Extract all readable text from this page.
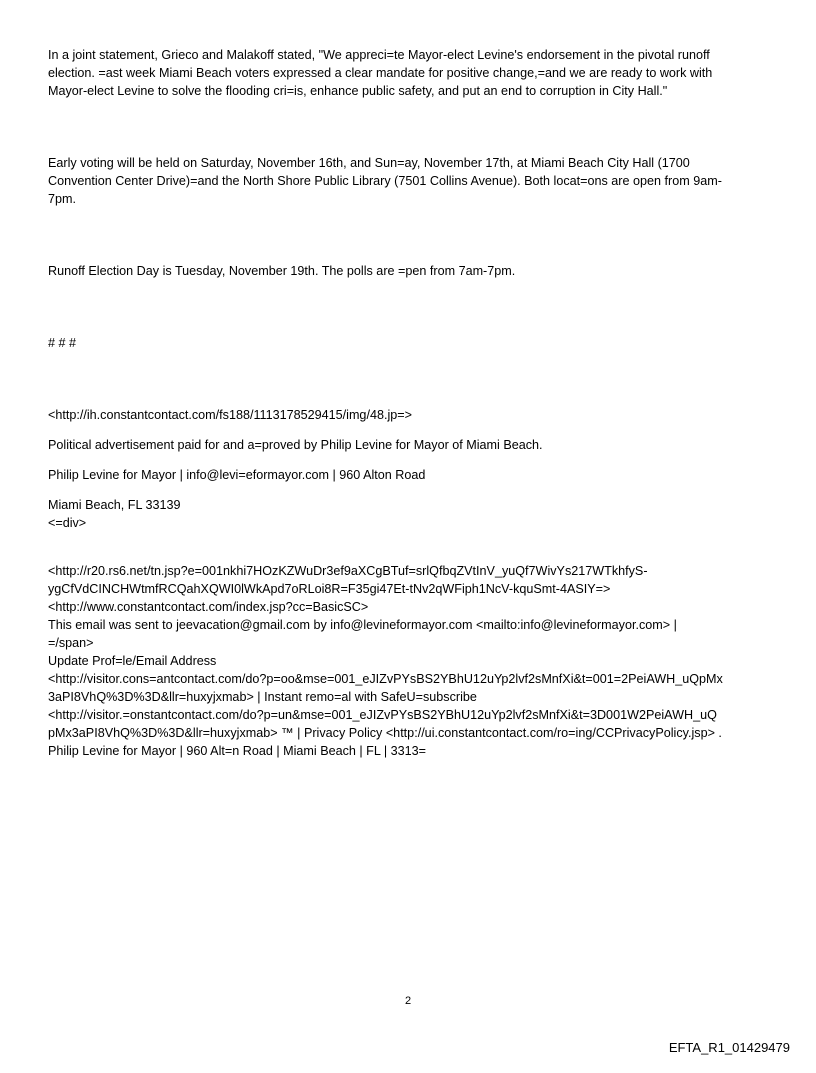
In a joint statement, Grieco and Malakoff stated, "We appreci=te Mayor-elect Levine's endorsement in the pivotal runoff
election. =ast week Miami Beach voters expressed a clear mandate for positive change,=and we are ready to work with
Mayor-elect Levine to solve the flooding cri=is, enhance public safety, and put an end to corruption in City Hall."
Early voting will be held on Saturday, November 16th, and Sun=ay, November 17th, at Miami Beach City Hall (1700
Convention Center Drive)=and the North Shore Public Library (7501 Collins Avenue). Both locat=ons are open from 9am-
7pm.
Runoff Election Day is Tuesday, November 19th. The polls are =pen from 7am-7pm.
# # #
<http://ih.constantcontact.com/fs188/1113178529415/img/48.jp=>
Political advertisement paid for and a=proved by Philip Levine for Mayor of Miami Beach.
Philip Levine for Mayor | info@levi=eformayor.com | 960 Alton Road
Miami Beach, FL 33139
<=div>
<http://r20.rs6.net/tn.jsp?e=001nkhi7HOzKZWuDr3ef9aXCgBTuf=srlQfbqZVtInV_yuQf7WivYs217WTkhfyS-
ygCfVdCINCHWtmfRCQahXQWI0lWkApd7oRLoi8R=F35gi47Et-tNv2qWFiph1NcV-kquSmt-4ASIY=>
<http://www.constantcontact.com/index.jsp?cc=BasicSC>
This email was sent to jeevacation@gmail.com by info@levineformayor.com <mailto:info@levineformayor.com> |
=/span>
Update Prof=le/Email Address
<http://visitor.cons=antcontact.com/do?p=oo&mse=001_eJIZvPYsBS2YBhU12uYp2lvf2sMnfXi&t=001=2PeiAWH_uQpMx
3aPI8VhQ%3D%3D&llr=huxyjxmab> | Instant remo=al with SafeU=subscribe
<http://visitor.=onstantcontact.com/do?p=un&mse=001_eJIZvPYsBS2YBhU12uYp2lvf2sMnfXi&t=3D001W2PeiAWH_uQ
pMx3aPI8VhQ%3D%3D&llr=huxyjxmab> ™ | Privacy Policy <http://ui.constantcontact.com/ro=ing/CCPrivacyPolicy.jsp> .
Philip Levine for Mayor | 960 Alt=n Road | Miami Beach | FL | 3313=
2
EFTA_R1_01429479
